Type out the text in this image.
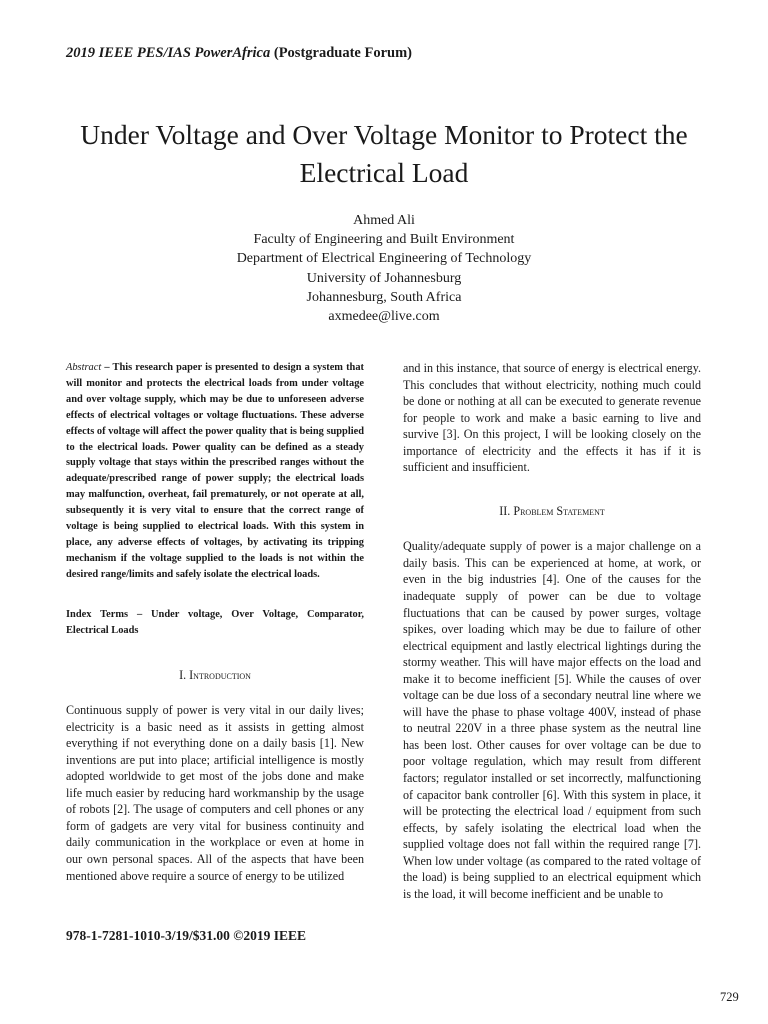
2019 IEEE PES/IAS PowerAfrica (Postgraduate Forum)
Under Voltage and Over Voltage Monitor to Protect the Electrical Load
Ahmed Ali
Faculty of Engineering and Built Environment
Department of Electrical Engineering of Technology
University of Johannesburg
Johannesburg, South Africa
axmedee@live.com

Abstract – This research paper is presented to design a system that will monitor and protects the electrical loads from under voltage and over voltage supply, which may be due to unforeseen adverse effects of electrical voltages or voltage fluctuations. These adverse effects of voltage will affect the power quality that is being supplied to the electrical loads. Power quality can be defined as a steady supply voltage that stays within the prescribed ranges without the adequate/prescribed range of power supply; the electrical loads may malfunction, overheat, fail prematurely, or not operate at all, subsequently it is very vital to ensure that the correct range of voltage is being supplied to electrical loads. With this system in place, any adverse effects of voltages, by activating its tripping mechanism if the voltage supplied to the loads is not within the desired range/limits and safely isolate the electrical loads.

Index Terms – Under voltage, Over Voltage, Comparator, Electrical Loads

I. Introduction

Continuous supply of power is very vital in our daily lives; electricity is a basic need as it assists in getting almost everything if not everything done on a daily basis [1]. New inventions are put into place; artificial intelligence is mostly adopted worldwide to get most of the jobs done and make life much easier by reducing hard workmanship by the usage of robots [2]. The usage of computers and cell phones or any form of gadgets are very vital for business continuity and daily communication in the workplace or even at home in our own personal spaces. All of the aspects that have been mentioned above require a source of energy to be utilized

and in this instance, that source of energy is electrical energy. This concludes that without electricity, nothing much could be done or nothing at all can be executed to generate revenue for people to work and make a basic earning to live and survive [3]. On this project, I will be looking closely on the importance of electricity and the effects it has if it is sufficient and insufficient.

II. Problem Statement

Quality/adequate supply of power is a major challenge on a daily basis. This can be experienced at home, at work, or even in the big industries [4]. One of the causes for the inadequate supply of power can be due to voltage fluctuations that can be caused by power surges, voltage spikes, over loading which may be due to failure of other electrical equipment and lastly electrical lightings during the stormy weather. This will have major effects on the load and make it to become inefficient [5]. While the causes of over voltage can be due loss of a secondary neutral line where we will have the phase to phase voltage 400V, instead of phase to neutral 220V in a three phase system as the neutral line has been lost. Other causes for over voltage can be due to poor voltage regulation, which may result from different factors; regulator installed or set incorrectly, malfunctioning of capacitor bank controller [6]. With this system in place, it will be protecting the electrical load / equipment from such effects, by safely isolating the electrical load when the supplied voltage does not fall within the required range [7]. When low under voltage (as compared to the rated voltage of the load) is being supplied to an electrical equipment which is the load, it will become inefficient and be unable to

978-1-7281-1010-3/19/$31.00 ©2019 IEEE
729
